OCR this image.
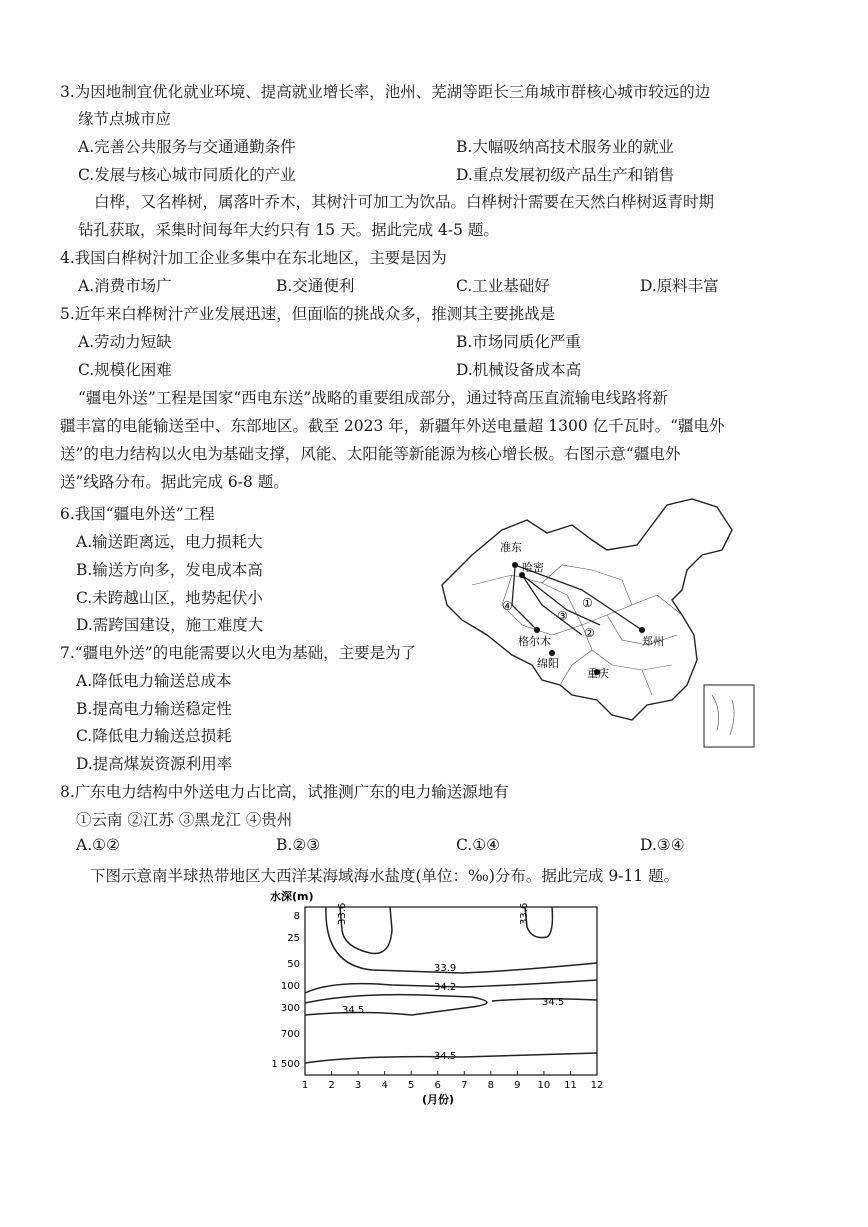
3.为因地制宜优化就业环境、提高就业增长率，池州、芜湖等距长三角城市群核心城市较远的边
缘节点城市应
A.完善公共服务与交通通勤条件	B.大幅吸纳高技术服务业的就业
C.发展与核心城市同质化的产业	D.重点发展初级产品生产和销售
白桦，又名桦树，属落叶乔木，其树汁可加工为饮品。白桦树汁需要在天然白桦树返青时期
钻孔获取，采集时间每年大约只有 15 天。据此完成 4-5 题。
4.我国白桦树汁加工企业多集中在东北地区，主要是因为
A.消费市场广	B.交通便利	C.工业基础好	D.原料丰富
5.近年来白桦树汁产业发展迅速，但面临的挑战众多，推测其主要挑战是
A.劳动力短缺	B.市场同质化严重
C.规模化困难	D.机械设备成本高
“疆电外送”工程是国家“西电东送”战略的重要组成部分，通过特高压直流输电线路将新
疆丰富的电能输送至中、东部地区。截至 2023 年，新疆年外送电量超 1300 亿千瓦时。“疆电外
送”的电力结构以火电为基础支撑，风能、太阳能等新能源为核心增长极。右图示意“疆电外
送”线路分布。据此完成 6-8 题。
6.我国“疆电外送”工程
A.输送距离远，电力损耗大
B.输送方向多，发电成本高
C.未跨越山区，地势起伏小
D.需跨国建设，施工难度大
7.“疆电外送”的电能需要以火电为基础，主要是为了
A.降低电力输送总成本
B.提高电力输送稳定性
C.降低电力输送总损耗
D.提高煤炭资源利用率
8.广东电力结构中外送电力占比高，试推测广东的电力输送源地有
①云南 ②江苏 ③黑龙江 ④贵州
A.①②	B.②③	C.①④	D.③④
下图示意南半球热带地区大西洋某海域海水盐度(单位：‰)分布。据此完成 9-11 题。
准东
哈密
格尔木
绵阳
郑州
重庆
①
②
③
④
水深(m)
8
25
50
100
300
700
1 500
1 2 3 4 5 6 7 8 9 10 11 12
33.6	33.6
33.9
34.2
34.5
34.5
34.5
(月份)
